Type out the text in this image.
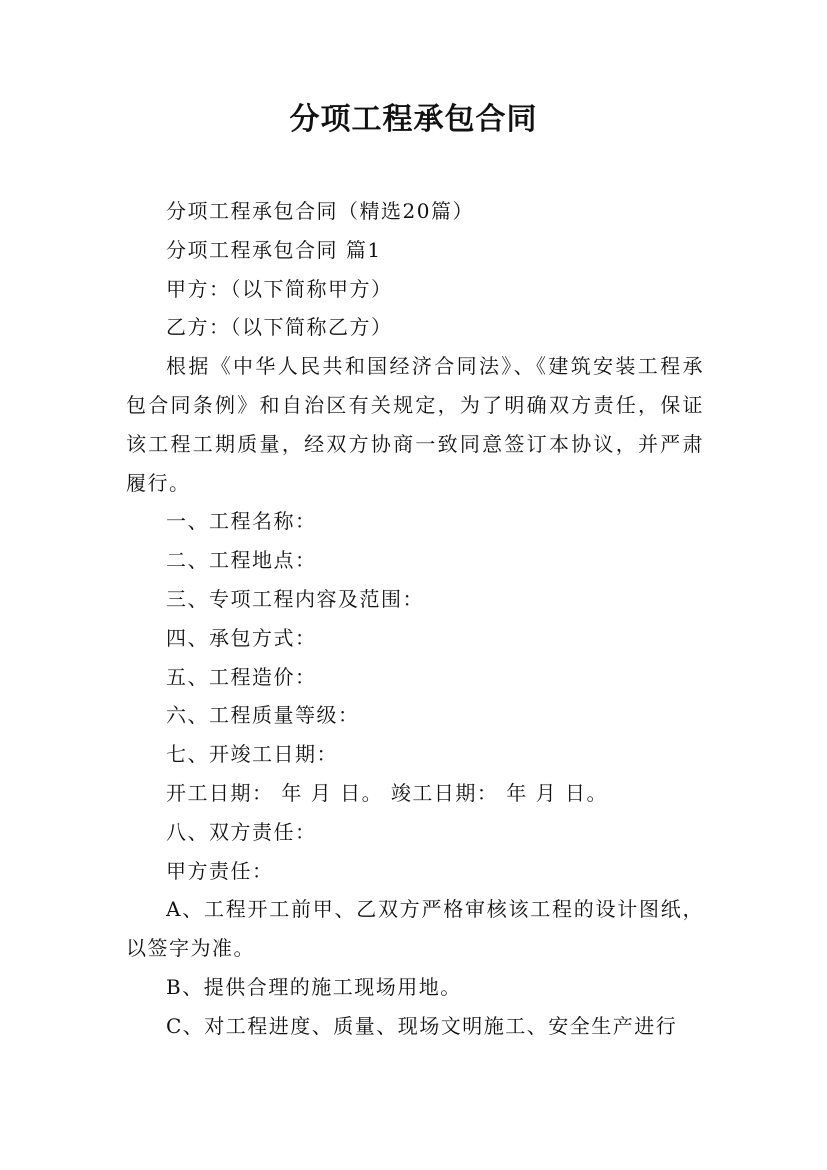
分项工程承包合同

分项工程承包合同（精选20篇）

分项工程承包合同 篇1

甲方：（以下简称甲方）

乙方：（以下简称乙方）

根据《中华人民共和国经济合同法》、《建筑安装工程承包合同条例》和自治区有关规定，为了明确双方责任，保证该工程工期质量，经双方协商一致同意签订本协议，并严肃履行。

一、工程名称：

二、工程地点：

三、专项工程内容及范围：

四、承包方式：

五、工程造价：

六、工程质量等级：

七、开竣工日期：

开工日期： 年 月 日。 竣工日期： 年 月 日。

八、双方责任：

甲方责任：

A、工程开工前甲、乙双方严格审核该工程的设计图纸，以签字为准。

B、提供合理的施工现场用地。

C、对工程进度、质量、现场文明施工、安全生产进行
